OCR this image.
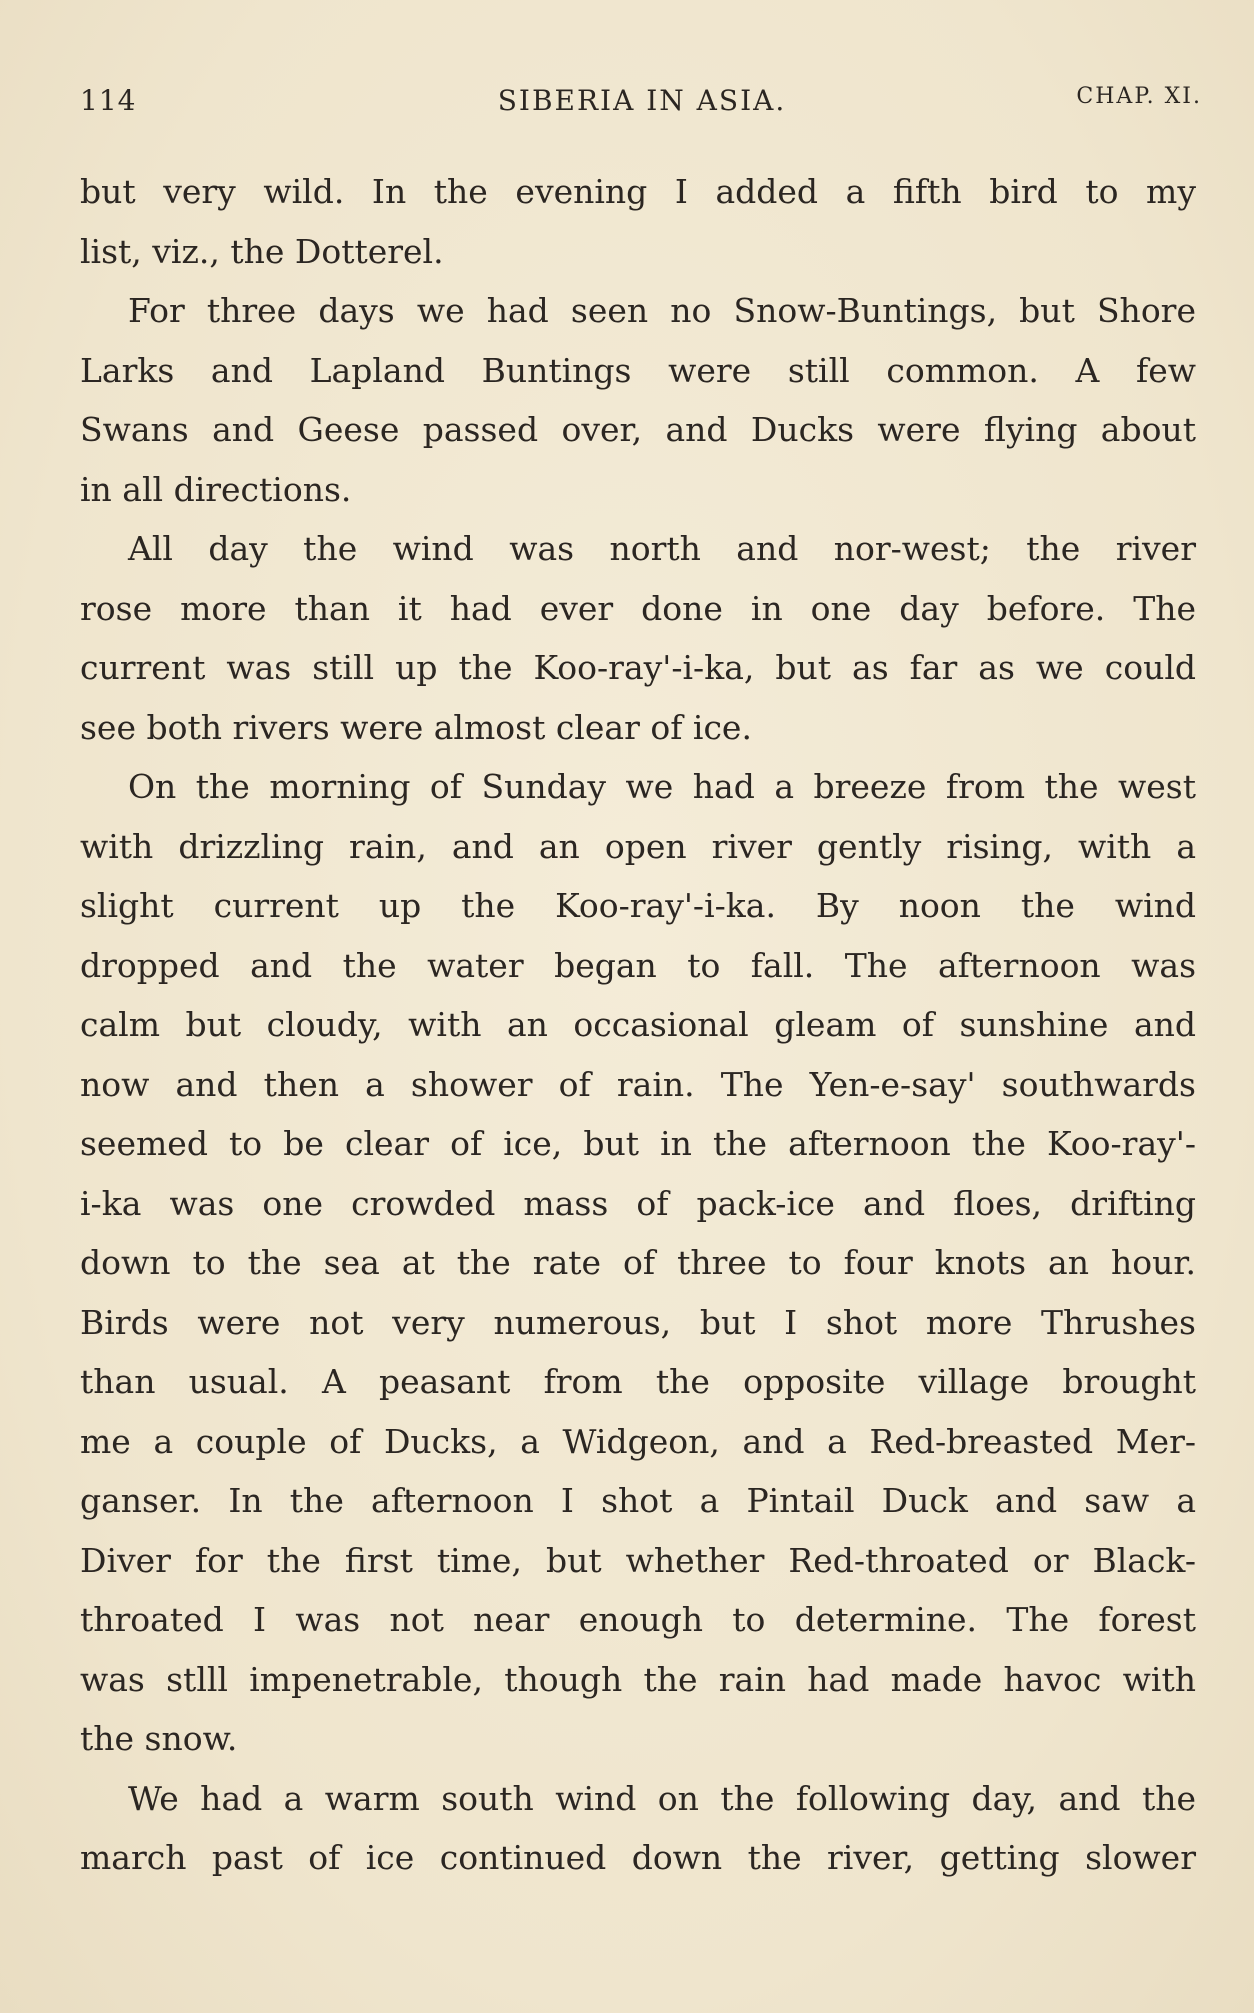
114	SIBERIA IN ASIA.	CHAP. XI.
but very wild. In the evening I added a fifth bird to my
list, viz., the Dotterel.
For three days we had seen no Snow-Buntings, but Shore
Larks and Lapland Buntings were still common. A few
Swans and Geese passed over, and Ducks were flying about
in all directions.
All day the wind was north and nor-west; the river
rose more than it had ever done in one day before. The
current was still up the Koo-ray'-i-ka, but as far as we could
see both rivers were almost clear of ice.
On the morning of Sunday we had a breeze from the west
with drizzling rain, and an open river gently rising, with a
slight current up the Koo-ray'-i-ka. By noon the wind
dropped and the water began to fall. The afternoon was
calm but cloudy, with an occasional gleam of sunshine and
now and then a shower of rain. The Yen-e-say' southwards
seemed to be clear of ice, but in the afternoon the Koo-ray'-
i-ka was one crowded mass of pack-ice and floes, drifting
down to the sea at the rate of three to four knots an hour.
Birds were not very numerous, but I shot more Thrushes
than usual. A peasant from the opposite village brought
me a couple of Ducks, a Widgeon, and a Red-breasted Mer-
ganser. In the afternoon I shot a Pintail Duck and saw a
Diver for the first time, but whether Red-throated or Black-
throated I was not near enough to determine. The forest
was stlll impenetrable, though the rain had made havoc with
the snow.
We had a warm south wind on the following day, and the
march past of ice continued down the river, getting slower
